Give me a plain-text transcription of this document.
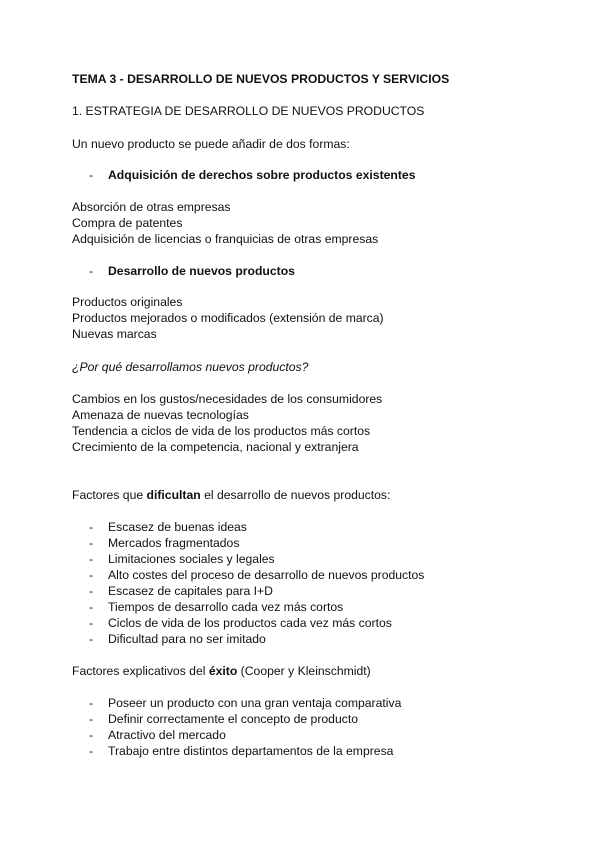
TEMA 3 - DESARROLLO DE NUEVOS PRODUCTOS Y SERVICIOS
1. ESTRATEGIA DE DESARROLLO DE NUEVOS PRODUCTOS
Un nuevo producto se puede añadir de dos formas:
- Adquisición de derechos sobre productos existentes
Absorción de otras empresas
Compra de patentes
Adquisición de licencias o franquicias de otras empresas
- Desarrollo de nuevos productos
Productos originales
Productos mejorados o modificados (extensión de marca)
Nuevas marcas
¿Por qué desarrollamos nuevos productos?
Cambios en los gustos/necesidades de los consumidores
Amenaza de nuevas tecnologías
Tendencia a ciclos de vida de los productos más cortos
Crecimiento de la competencia, nacional y extranjera
Factores que dificultan el desarrollo de nuevos productos:
- Escasez de buenas ideas
- Mercados fragmentados
- Limitaciones sociales y legales
- Alto costes del proceso de desarrollo de nuevos productos
- Escasez de capitales para I+D
- Tiempos de desarrollo cada vez más cortos
- Ciclos de vida de los productos cada vez más cortos
- Dificultad para no ser imitado
Factores explicativos del éxito (Cooper y Kleinschmidt)
- Poseer un producto con una gran ventaja comparativa
- Definir correctamente el concepto de producto
- Atractivo del mercado
- Trabajo entre distintos departamentos de la empresa
